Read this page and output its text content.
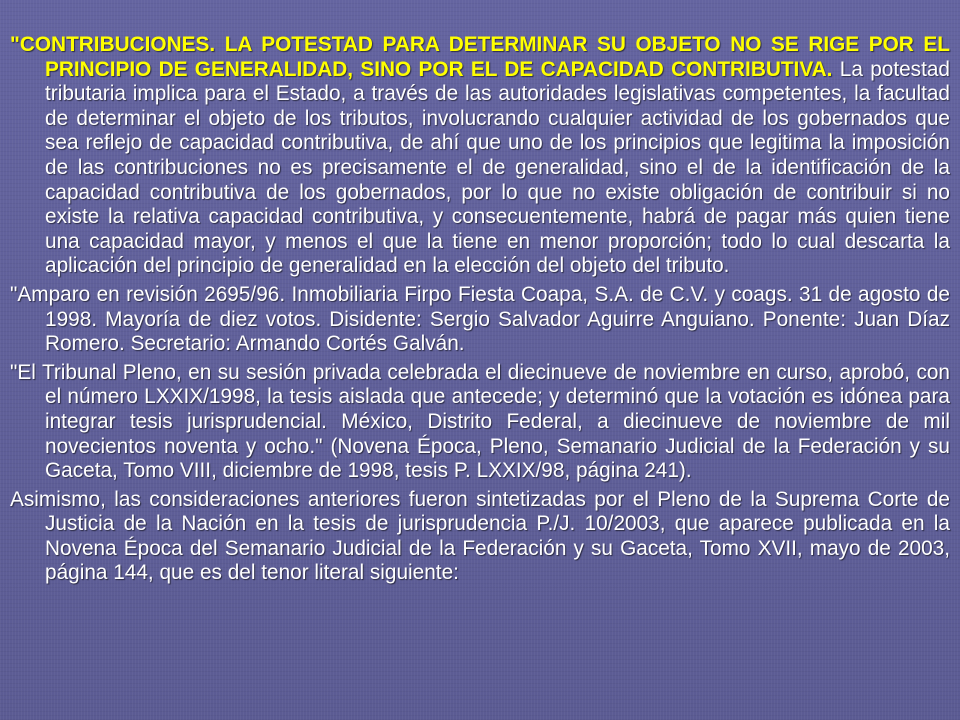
"CONTRIBUCIONES. LA POTESTAD PARA DETERMINAR SU OBJETO NO SE RIGE POR EL PRINCIPIO DE GENERALIDAD, SINO POR EL DE CAPACIDAD CONTRIBUTIVA. La potestad tributaria implica para el Estado, a través de las autoridades legislativas competentes, la facultad de determinar el objeto de los tributos, involucrando cualquier actividad de los gobernados que sea reflejo de capacidad contributiva, de ahí que uno de los principios que legitima la imposición de las contribuciones no es precisamente el de generalidad, sino el de la identificación de la capacidad contributiva de los gobernados, por lo que no existe obligación de contribuir si no existe la relativa capacidad contributiva, y consecuentemente, habrá de pagar más quien tiene una capacidad mayor, y menos el que la tiene en menor proporción; todo lo cual descarta la aplicación del principio de generalidad en la elección del objeto del tributo.

"Amparo en revisión 2695/96. Inmobiliaria Firpo Fiesta Coapa, S.A. de C.V. y coags. 31 de agosto de 1998. Mayoría de diez votos. Disidente: Sergio Salvador Aguirre Anguiano. Ponente: Juan Díaz Romero. Secretario: Armando Cortés Galván.

"El Tribunal Pleno, en su sesión privada celebrada el diecinueve de noviembre en curso, aprobó, con el número LXXIX/1998, la tesis aislada que antecede; y determinó que la votación es idónea para integrar tesis jurisprudencial. México, Distrito Federal, a diecinueve de noviembre de mil novecientos noventa y ocho." (Novena Época, Pleno, Semanario Judicial de la Federación y su Gaceta, Tomo VIII, diciembre de 1998, tesis P. LXXIX/98, página 241).

Asimismo, las consideraciones anteriores fueron sintetizadas por el Pleno de la Suprema Corte de Justicia de la Nación en la tesis de jurisprudencia P./J. 10/2003, que aparece publicada en la Novena Época del Semanario Judicial de la Federación y su Gaceta, Tomo XVII, mayo de 2003, página 144, que es del tenor literal siguiente:
